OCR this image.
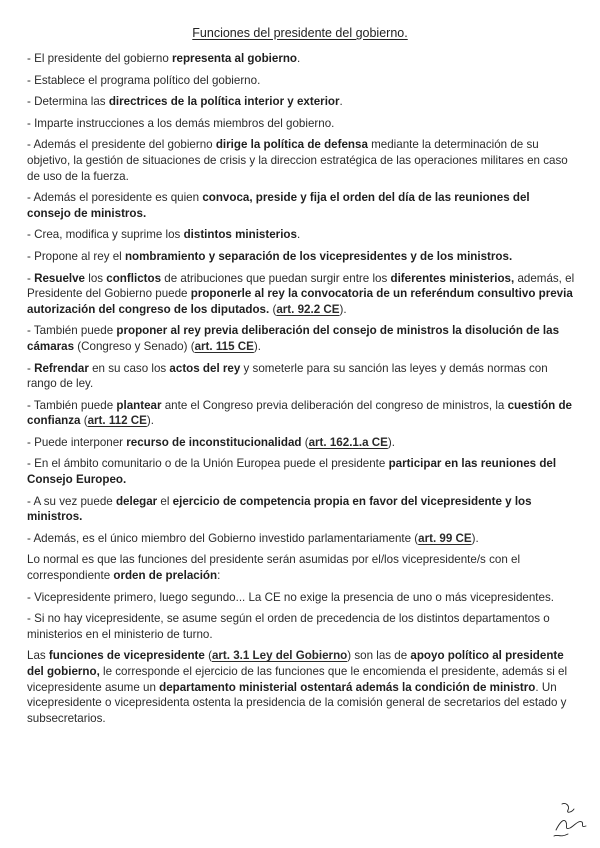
Funciones del presidente del gobierno.

- El presidente del gobierno representa al gobierno.

- Establece el programa político del gobierno.

- Determina las directrices de la política interior y exterior.

- Imparte instrucciones a los demás miembros del gobierno.

- Además el presidente del gobierno dirige la política de defensa mediante la determinación de su objetivo, la gestión de situaciones de crisis y la direccion estratégica de las operaciones militares en caso de uso de la fuerza.

- Además el poresidente es quien convoca, preside y fija el orden del día de las reuniones del consejo de ministros.

- Crea, modifica y suprime los distintos ministerios.

- Propone al rey el nombramiento y separación de los vicepresidentes y de los ministros.

- Resuelve los conflictos de atribuciones que puedan surgir entre los diferentes ministerios, además, el Presidente del Gobierno puede proponerle al rey la convocatoria de un referéndum consultivo previa autorización del congreso de los diputados. (art. 92.2 CE).

- También puede proponer al rey previa deliberación del consejo de ministros la disolución de las cámaras (Congreso y Senado) (art. 115 CE).

- Refrendar en su caso los actos del rey y someterle para su sanción las leyes y demás normas con rango de ley.

- También puede plantear ante el Congreso previa deliberación del congreso de ministros, la cuestión de confianza (art. 112 CE).

- Puede interponer recurso de inconstitucionalidad (art. 162.1.a CE).

- En el ámbito comunitario o de la Unión Europea puede el presidente participar en las reuniones del Consejo Europeo.

- A su vez puede delegar el ejercicio de competencia propia en favor del vicepresidente y los ministros.

- Además, es el único miembro del Gobierno investido parlamentariamente (art. 99 CE).

Lo normal es que las funciones del presidente serán asumidas por el/los vicepresidente/s con el correspondiente orden de prelación:

- Vicepresidente primero, luego segundo... La CE no exige la presencia de uno o más vicepresidentes.

- Si no hay vicepresidente, se asume según el orden de precedencia de los distintos departamentos o ministerios en el ministerio de turno.

Las funciones de vicepresidente (art. 3.1 Ley del Gobierno) son las de apoyo político al presidente del gobierno, le corresponde el ejercicio de las funciones que le encomienda el presidente, además si el vicepresidente asume un departamento ministerial ostentará además la condición de ministro. Un vicepresidente o vicepresidenta ostenta la presidencia de la comisión general de secretarios del estado y subsecretarios.
